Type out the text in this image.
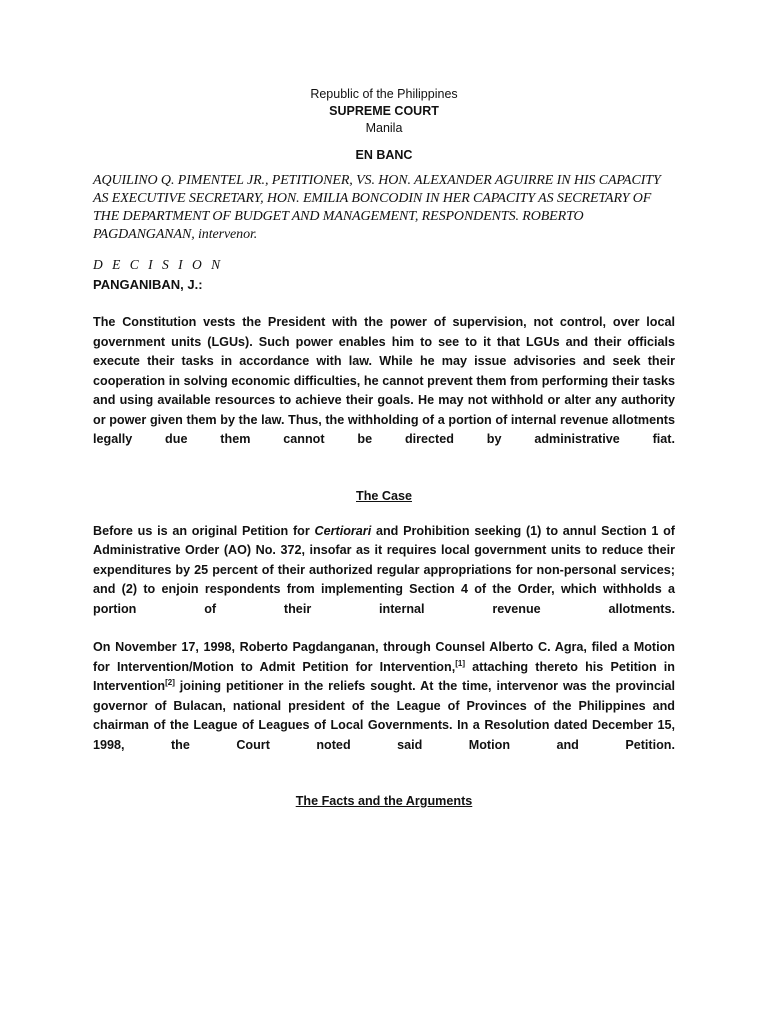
Republic of the Philippines
SUPREME COURT
Manila
EN BANC
AQUILINO Q. PIMENTEL JR., PETITIONER, VS. HON. ALEXANDER AGUIRRE IN HIS CAPACITY AS EXECUTIVE SECRETARY, HON. EMILIA BONCODIN IN HER CAPACITY AS SECRETARY OF THE DEPARTMENT OF BUDGET AND MANAGEMENT, RESPONDENTS. ROBERTO PAGDANGANAN, intervenor.
D E C I S I O N
PANGANIBAN, J.:

The Constitution vests the President with the power of supervision, not control, over local government units (LGUs). Such power enables him to see to it that LGUs and their officials execute their tasks in accordance with law. While he may issue advisories and seek their cooperation in solving economic difficulties, he cannot prevent them from performing their tasks and using available resources to achieve their goals. He may not withhold or alter any authority or power given them by the law. Thus, the withholding of a portion of internal revenue allotments legally due them cannot be directed by administrative fiat.

The Case

Before us is an original Petition for Certiorari and Prohibition seeking (1) to annul Section 1 of Administrative Order (AO) No. 372, insofar as it requires local government units to reduce their expenditures by 25 percent of their authorized regular appropriations for non-personal services; and (2) to enjoin respondents from implementing Section 4 of the Order, which withholds a portion of their internal revenue allotments.

On November 17, 1998, Roberto Pagdanganan, through Counsel Alberto C. Agra, filed a Motion for Intervention/Motion to Admit Petition for Intervention,[1] attaching thereto his Petition in Intervention[2] joining petitioner in the reliefs sought. At the time, intervenor was the provincial governor of Bulacan, national president of the League of Provinces of the Philippines and chairman of the League of Leagues of Local Governments. In a Resolution dated December 15, 1998, the Court noted said Motion and Petition.

The Facts and the Arguments
